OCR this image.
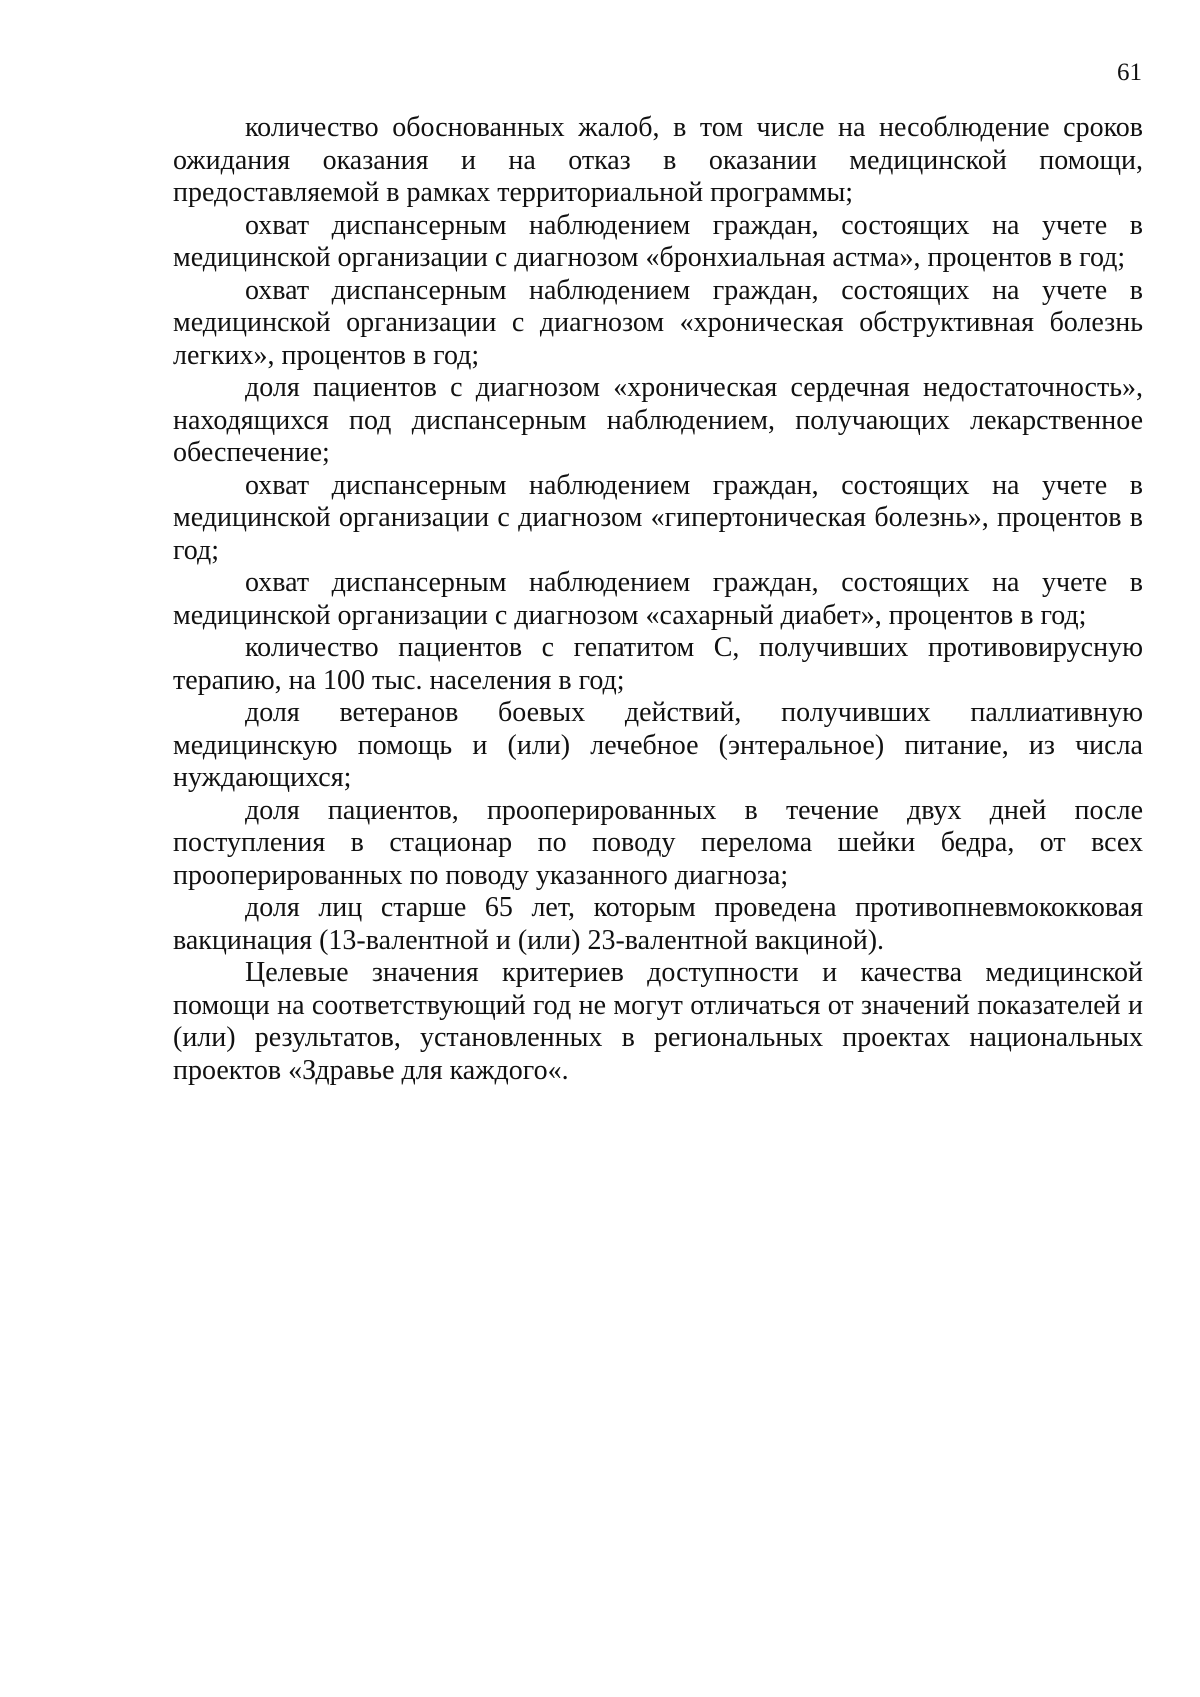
61

количество обоснованных жалоб, в том числе на несоблюдение сроков ожидания оказания и на отказ в оказании медицинской помощи, предоставляемой в рамках территориальной программы;

охват диспансерным наблюдением граждан, состоящих на учете в медицинской организации с диагнозом «бронхиальная астма», процентов в год;

охват диспансерным наблюдением граждан, состоящих на учете в медицинской организации с диагнозом «хроническая обструктивная болезнь легких», процентов в год;

доля пациентов с диагнозом «хроническая сердечная недостаточность», находящихся под диспансерным наблюдением, получающих лекарственное обеспечение;

охват диспансерным наблюдением граждан, состоящих на учете в медицинской организации с диагнозом «гипертоническая болезнь», процентов в год;

охват диспансерным наблюдением граждан, состоящих на учете в медицинской организации с диагнозом «сахарный диабет», процентов в год;

количество пациентов с гепатитом С, получивших противовирусную терапию, на 100 тыс. населения в год;

доля ветеранов боевых действий, получивших паллиативную медицинскую помощь и (или) лечебное (энтеральное) питание, из числа нуждающихся;

доля пациентов, прооперированных в течение двух дней после поступления в стационар по поводу перелома шейки бедра, от всех прооперированных по поводу указанного диагноза;

доля лиц старше 65 лет, которым проведена противопневмококковая вакцинация (13-валентной и (или) 23-валентной вакциной).

Целевые значения критериев доступности и качества медицинской помощи на соответствующий год не могут отличаться от значений показателей и (или) результатов, установленных в региональных проектах национальных проектов «Здравье для каждого«.
